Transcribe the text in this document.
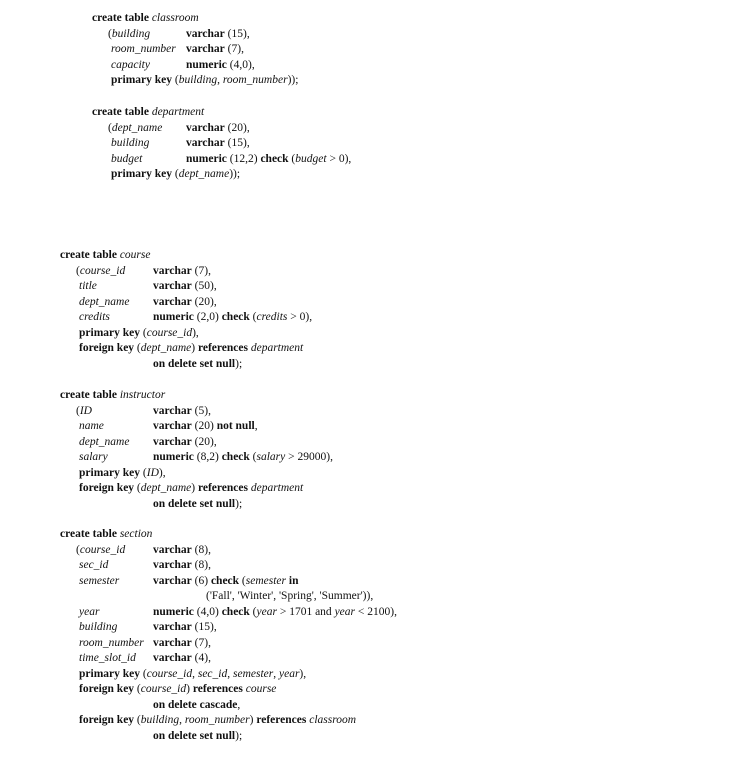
create table classroom
(building	varchar (15),
room_number varchar (7),
capacity	numeric (4,0),
primary key (building, room_number));
create table department
(dept_name varchar (20),
building	varchar (15),
budget	numeric (12,2) check (budget > 0),
primary key (dept_name));
create table course
(course_id varchar (7),
title	varchar (50),
dept_name varchar (20),
credits	numeric (2,0) check (credits > 0),
primary key (course_id),
foreign key (dept_name) references department
on delete set null);
create table instructor
(ID	varchar (5),
name	varchar (20) not null,
dept_name varchar (20),
salary	numeric (8,2) check (salary > 29000),
primary key (ID),
foreign key (dept_name) references department
on delete set null);
create table section
(course_id varchar (8),
sec_id	varchar (8),
semester	varchar (6) check (semester in
('Fall', 'Winter', 'Spring', 'Summer')),
year	numeric (4,0) check (year > 1701 and year < 2100),
building	varchar (15),
room_number varchar (7),
time_slot_id varchar (4),
primary key (course_id, sec_id, semester, year),
foreign key (course_id) references course
on delete cascade,
foreign key (building, room_number) references classroom
on delete set null);
